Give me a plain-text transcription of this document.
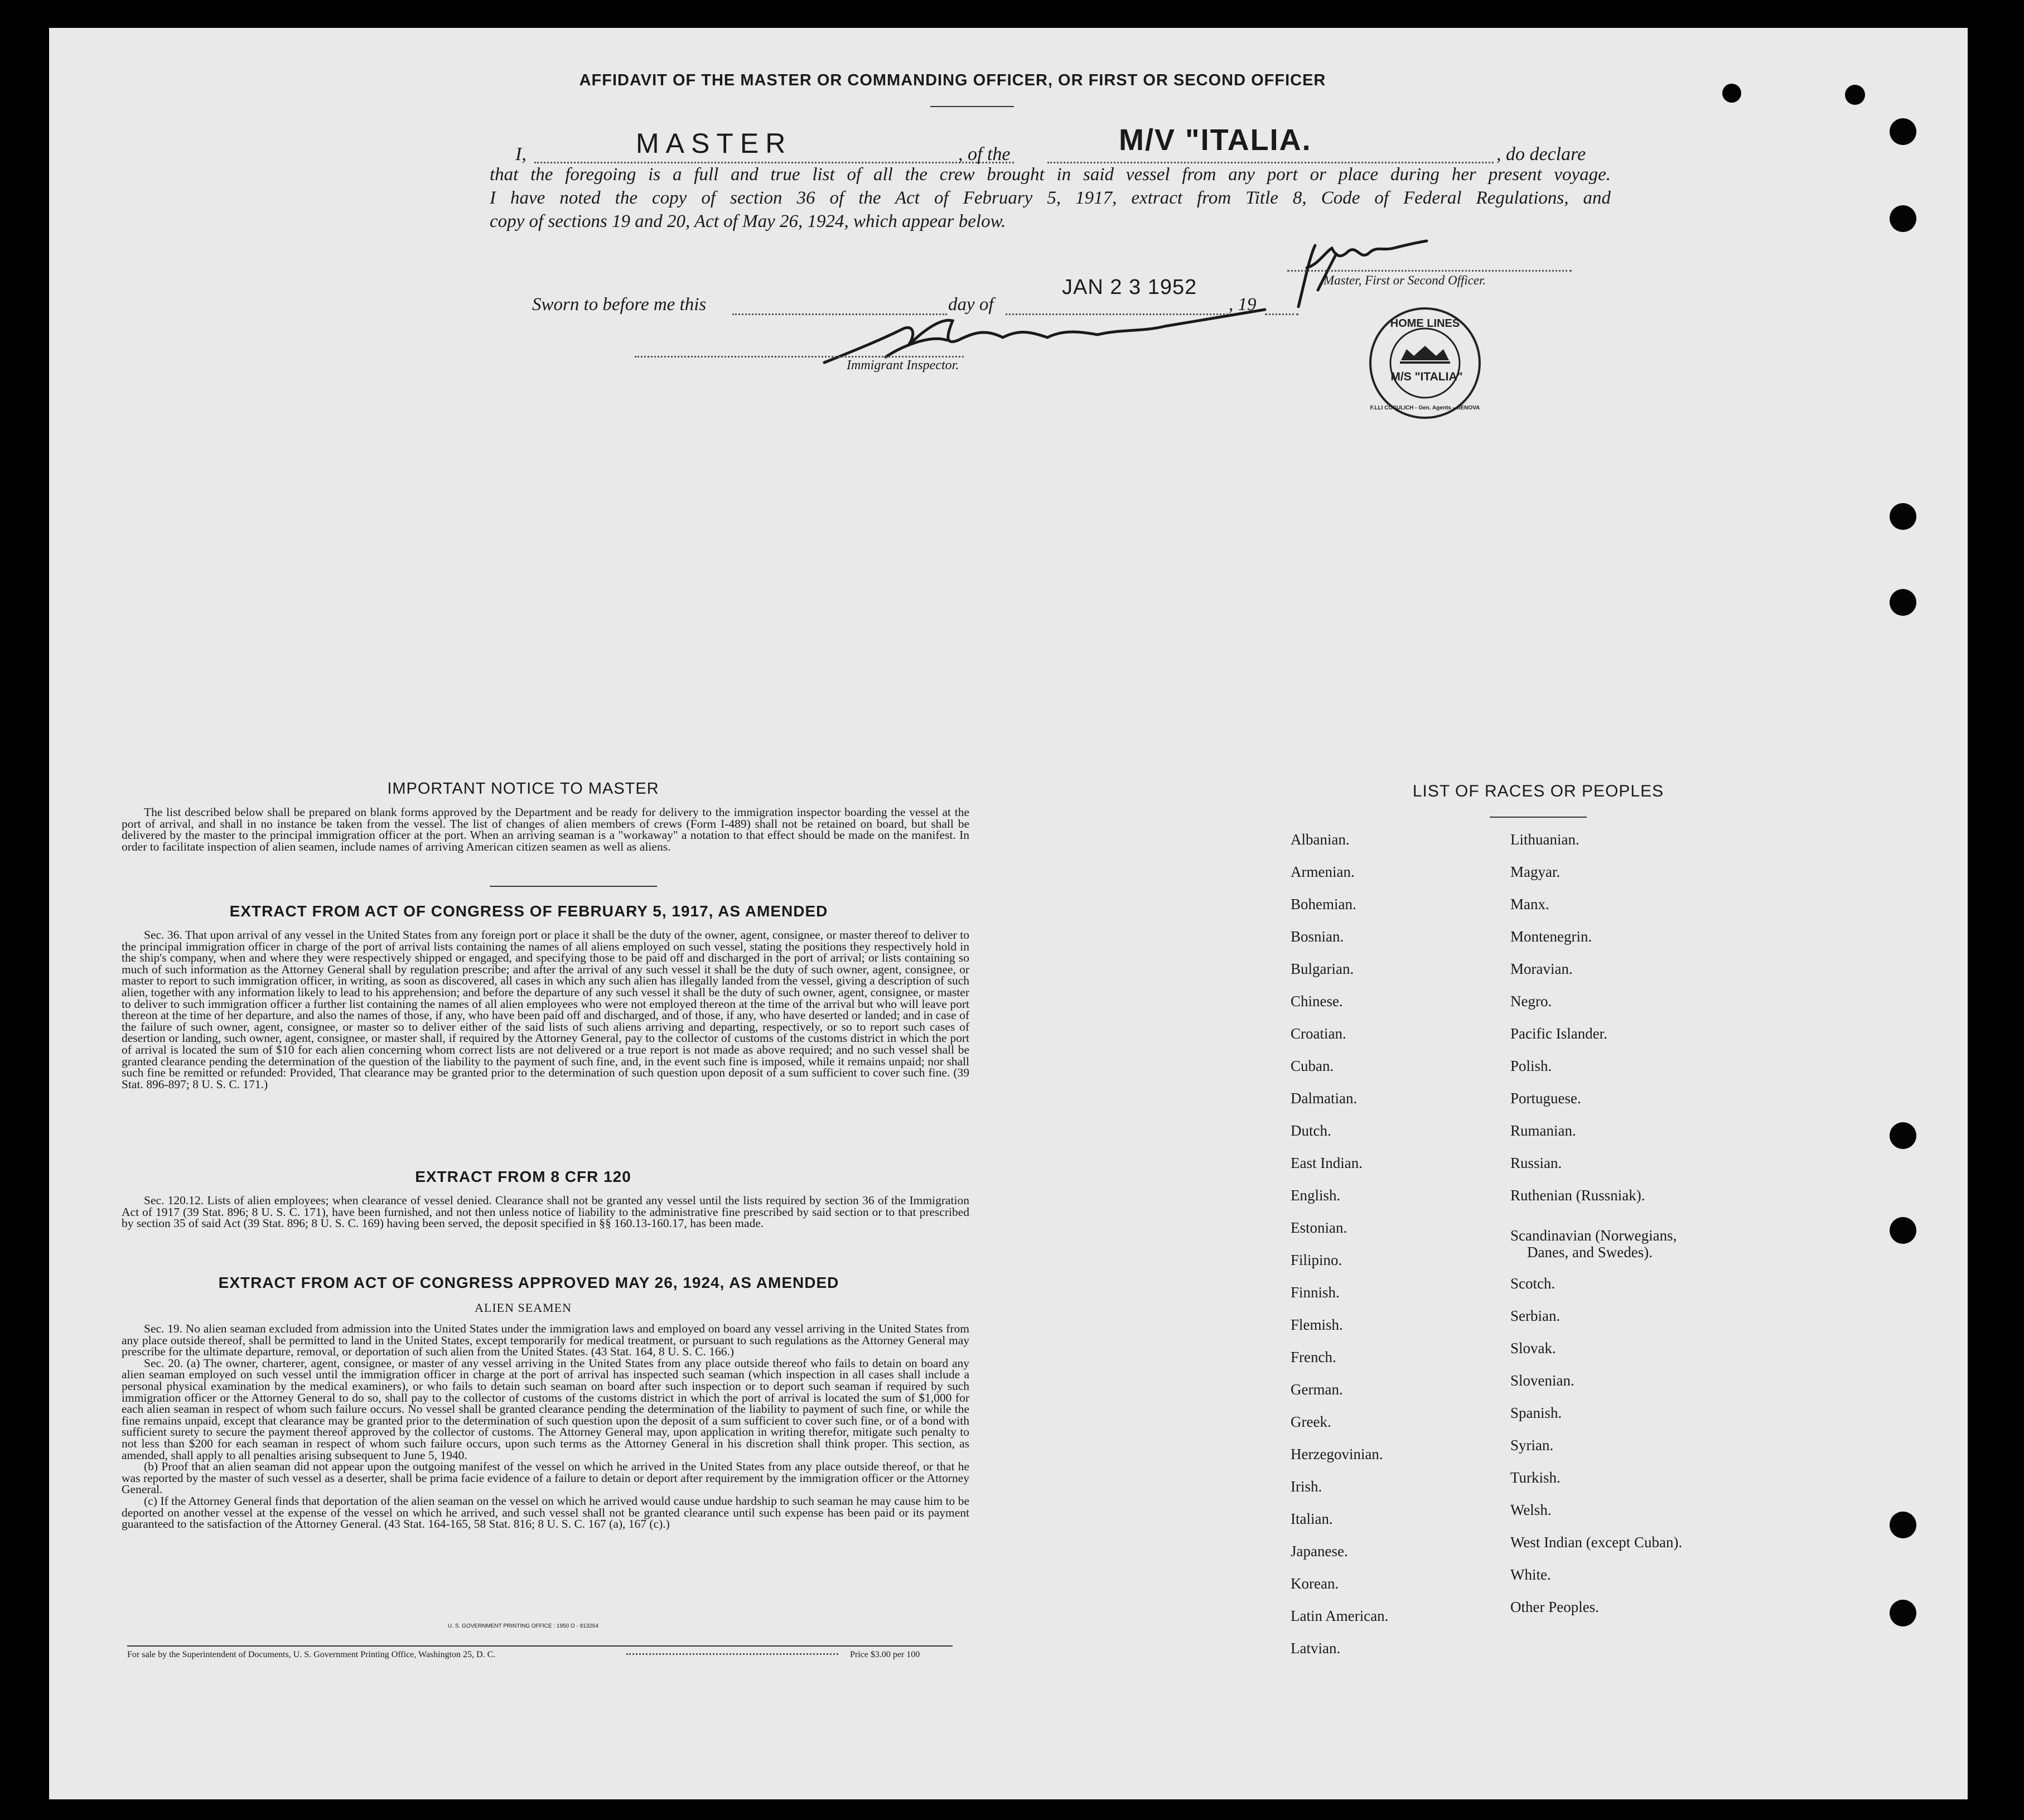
AFFIDAVIT OF THE MASTER OR COMMANDING OFFICER, OR FIRST OR SECOND OFFICER
I,	MASTER	, of the	M/V "ITALIA.	, do declare
that the foregoing is a full and true list of all the crew brought in said vessel from any port or place during her present voyage.
I have noted the copy of section 36 of the Act of February 5, 1917, extract from Title 8, Code of Federal Regulations, and
copy of sections 19 and 20, Act of May 26, 1924, which appear below.
Master, First or Second Officer.
Sworn to before me this	day of
JAN 2 3 1952
, 19
Immigrant Inspector.
HOME LINES
M/S "ITALIA"
F.LLI COSULICH - Gen. Agents - GENOVA
IMPORTANT NOTICE TO MASTER
The list described below shall be prepared on blank forms approved by the Department and be ready for delivery to the immigration inspector boarding the vessel at the port of arrival, and shall in no instance be taken from the vessel. The list of changes of alien members of crews (Form I-489) shall not be retained on board, but shall be delivered by the master to the principal immigration officer at the port. When an arriving seaman is a "workaway" a notation to that effect should be made on the manifest. In order to facilitate inspection of alien seamen, include names of arriving American citizen seamen as well as aliens.
EXTRACT FROM ACT OF CONGRESS OF FEBRUARY 5, 1917, AS AMENDED
Sec. 36. That upon arrival of any vessel in the United States from any foreign port or place it shall be the duty of the owner, agent, consignee, or master thereof to deliver to the principal immigration officer in charge of the port of arrival lists containing the names of all aliens employed on such vessel, stating the positions they respectively hold in the ship's company, when and where they were respectively shipped or engaged, and specifying those to be paid off and discharged in the port of arrival; or lists containing so much of such information as the Attorney General shall by regulation prescribe; and after the arrival of any such vessel it shall be the duty of such owner, agent, consignee, or master to report to such immigration officer, in writing, as soon as discovered, all cases in which any such alien has illegally landed from the vessel, giving a description of such alien, together with any information likely to lead to his apprehension; and before the departure of any such vessel it shall be the duty of such owner, agent, consignee, or master to deliver to such immigration officer a further list containing the names of all alien employees who were not employed thereon at the time of the arrival but who will leave port thereon at the time of her departure, and also the names of those, if any, who have been paid off and discharged, and of those, if any, who have deserted or landed; and in case of the failure of such owner, agent, consignee, or master so to deliver either of the said lists of such aliens arriving and departing, respectively, or so to report such cases of desertion or landing, such owner, agent, consignee, or master shall, if required by the Attorney General, pay to the collector of customs of the customs district in which the port of arrival is located the sum of $10 for each alien concerning whom correct lists are not delivered or a true report is not made as above required; and no such vessel shall be granted clearance pending the determination of the question of the liability to the payment of such fine, and, in the event such fine is imposed, while it remains unpaid; nor shall such fine be remitted or refunded: Provided, That clearance may be granted prior to the determination of such question upon deposit of a sum sufficient to cover such fine. (39 Stat. 896-897; 8 U. S. C. 171.)
EXTRACT FROM 8 CFR 120
Sec. 120.12. Lists of alien employees; when clearance of vessel denied. Clearance shall not be granted any vessel until the lists required by section 36 of the Immigration Act of 1917 (39 Stat. 896; 8 U. S. C. 171), have been furnished, and not then unless notice of liability to the administrative fine prescribed by said section or to that prescribed by section 35 of said Act (39 Stat. 896; 8 U. S. C. 169) having been served, the deposit specified in §§ 160.13-160.17, has been made.
EXTRACT FROM ACT OF CONGRESS APPROVED MAY 26, 1924, AS AMENDED
ALIEN SEAMEN
Sec. 19. No alien seaman excluded from admission into the United States under the immigration laws and employed on board any vessel arriving in the United States from any place outside thereof, shall be permitted to land in the United States, except temporarily for medical treatment, or pursuant to such regulations as the Attorney General may prescribe for the ultimate departure, removal, or deportation of such alien from the United States. (43 Stat. 164, 8 U. S. C. 166.)
Sec. 20. (a) The owner, charterer, agent, consignee, or master of any vessel arriving in the United States from any place outside thereof who fails to detain on board any alien seaman employed on such vessel until the immigration officer in charge at the port of arrival has inspected such seaman (which inspection in all cases shall include a personal physical examination by the medical examiners), or who fails to detain such seaman on board after such inspection or to deport such seaman if required by such immigration officer or the Attorney General to do so, shall pay to the collector of customs of the customs district in which the port of arrival is located the sum of $1,000 for each alien seaman in respect of whom such failure occurs. No vessel shall be granted clearance pending the determination of the liability to payment of such fine, or while the fine remains unpaid, except that clearance may be granted prior to the determination of such question upon the deposit of a sum sufficient to cover such fine, or of a bond with sufficient surety to secure the payment thereof approved by the collector of customs. The Attorney General may, upon application in writing therefor, mitigate such penalty to not less than $200 for each seaman in respect of whom such failure occurs, upon such terms as the Attorney General in his discretion shall think proper. This section, as amended, shall apply to all penalties arising subsequent to June 5, 1940.
(b) Proof that an alien seaman did not appear upon the outgoing manifest of the vessel on which he arrived in the United States from any place outside thereof, or that he was reported by the master of such vessel as a deserter, shall be prima facie evidence of a failure to detain or deport after requirement by the immigration officer or the Attorney General.
(c) If the Attorney General finds that deportation of the alien seaman on the vessel on which he arrived would cause undue hardship to such seaman he may cause him to be deported on another vessel at the expense of the vessel on which he arrived, and such vessel shall not be granted clearance until such expense has been paid or its payment guaranteed to the satisfaction of the Attorney General. (43 Stat. 164-165, 58 Stat. 816; 8 U. S. C. 167 (a), 167 (c).)
U. S. GOVERNMENT PRINTING OFFICE : 1950 O - 813264
For sale by the Superintendent of Documents, U. S. Government Printing Office, Washington 25, D. C.	Price $3.00 per 100
LIST OF RACES OR PEOPLES
Albanian.
Armenian.
Bohemian.
Bosnian.
Bulgarian.
Chinese.
Croatian.
Cuban.
Dalmatian.
Dutch.
East Indian.
English.
Estonian.
Filipino.
Finnish.
Flemish.
French.
German.
Greek.
Herzegovinian.
Irish.
Italian.
Japanese.
Korean.
Latin American.
Latvian.
Lithuanian.
Magyar.
Manx.
Montenegrin.
Moravian.
Negro.
Pacific Islander.
Polish.
Portuguese.
Rumanian.
Russian.
Ruthenian (Russniak).
Scandinavian (Norwegians,
Danes, and Swedes).
Scotch.
Serbian.
Slovak.
Slovenian.
Spanish.
Syrian.
Turkish.
Welsh.
West Indian (except Cuban).
White.
Other Peoples.
